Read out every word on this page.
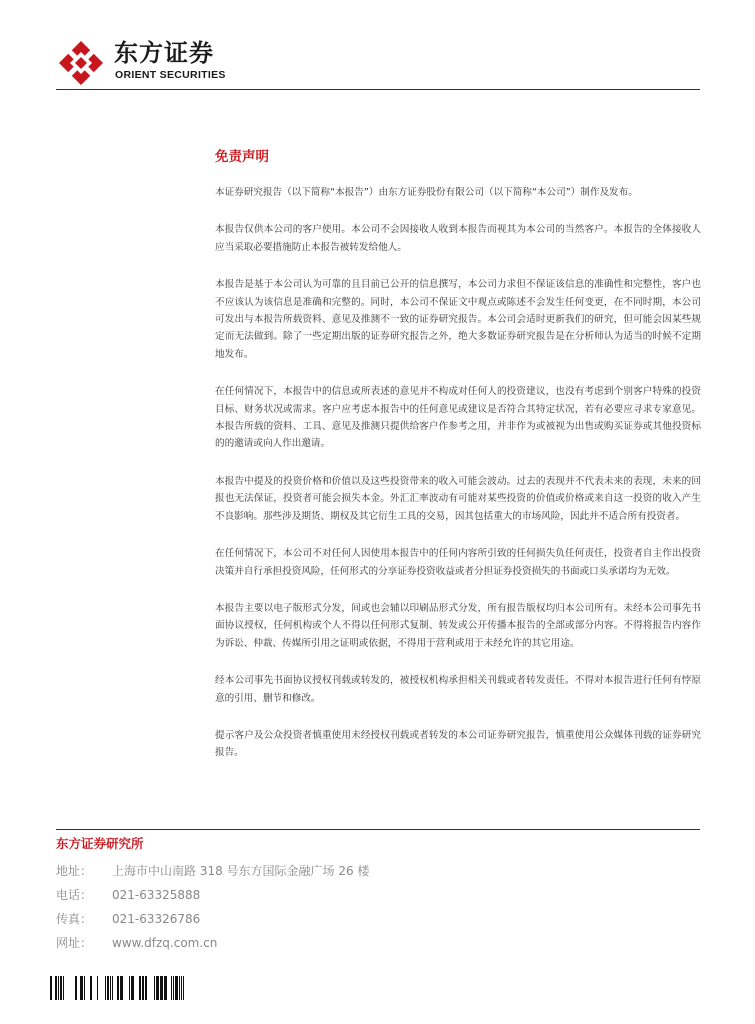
东方证券
ORIENT SECURITIES
免责声明

本证券研究报告（以下简称“本报告”）由东方证券股份有限公司（以下简称“本公司”）制作及发布。

本报告仅供本公司的客户使用。本公司不会因接收人收到本报告而视其为本公司的当然客户。本报告的全体接收人应当采取必要措施防止本报告被转发给他人。

本报告是基于本公司认为可靠的且目前已公开的信息撰写，本公司力求但不保证该信息的准确性和完整性，客户也不应该认为该信息是准确和完整的。同时，本公司不保证文中观点或陈述不会发生任何变更，在不同时期，本公司可发出与本报告所载资料、意见及推测不一致的证券研究报告。本公司会适时更新我们的研究，但可能会因某些规定而无法做到。除了一些定期出版的证券研究报告之外，绝大多数证券研究报告是在分析师认为适当的时候不定期地发布。

在任何情况下，本报告中的信息或所表述的意见并不构成对任何人的投资建议，也没有考虑到个别客户特殊的投资目标、财务状况或需求。客户应考虑本报告中的任何意见或建议是否符合其特定状况，若有必要应寻求专家意见。本报告所载的资料、工具、意见及推测只提供给客户作参考之用，并非作为或被视为出售或购买证券或其他投资标的的邀请或向人作出邀请。

本报告中提及的投资价格和价值以及这些投资带来的收入可能会波动。过去的表现并不代表未来的表现，未来的回报也无法保证，投资者可能会损失本金。外汇汇率波动有可能对某些投资的价值或价格或来自这一投资的收入产生不良影响。那些涉及期货、期权及其它衍生工具的交易，因其包括重大的市场风险，因此并不适合所有投资者。

在任何情况下，本公司不对任何人因使用本报告中的任何内容所引致的任何损失负任何责任，投资者自主作出投资决策并自行承担投资风险，任何形式的分享证券投资收益或者分担证券投资损失的书面或口头承诺均为无效。

本报告主要以电子版形式分发，间或也会辅以印刷品形式分发，所有报告版权均归本公司所有。未经本公司事先书面协议授权，任何机构或个人不得以任何形式复制、转发或公开传播本报告的全部或部分内容。不得将报告内容作为诉讼、仲裁、传媒所引用之证明或依据，不得用于营利或用于未经允许的其它用途。

经本公司事先书面协议授权刊载或转发的，被授权机构承担相关刊载或者转发责任。不得对本报告进行任何有悖原意的引用、删节和修改。

提示客户及公众投资者慎重使用未经授权刊载或者转发的本公司证券研究报告，慎重使用公众媒体刊载的证券研究报告。

东方证券研究所
地址：	上海市中山南路 318 号东方国际金融广场 26 楼
电话：	021-63325888
传真：	021-63326786
网址：	www.dfzq.com.cn
